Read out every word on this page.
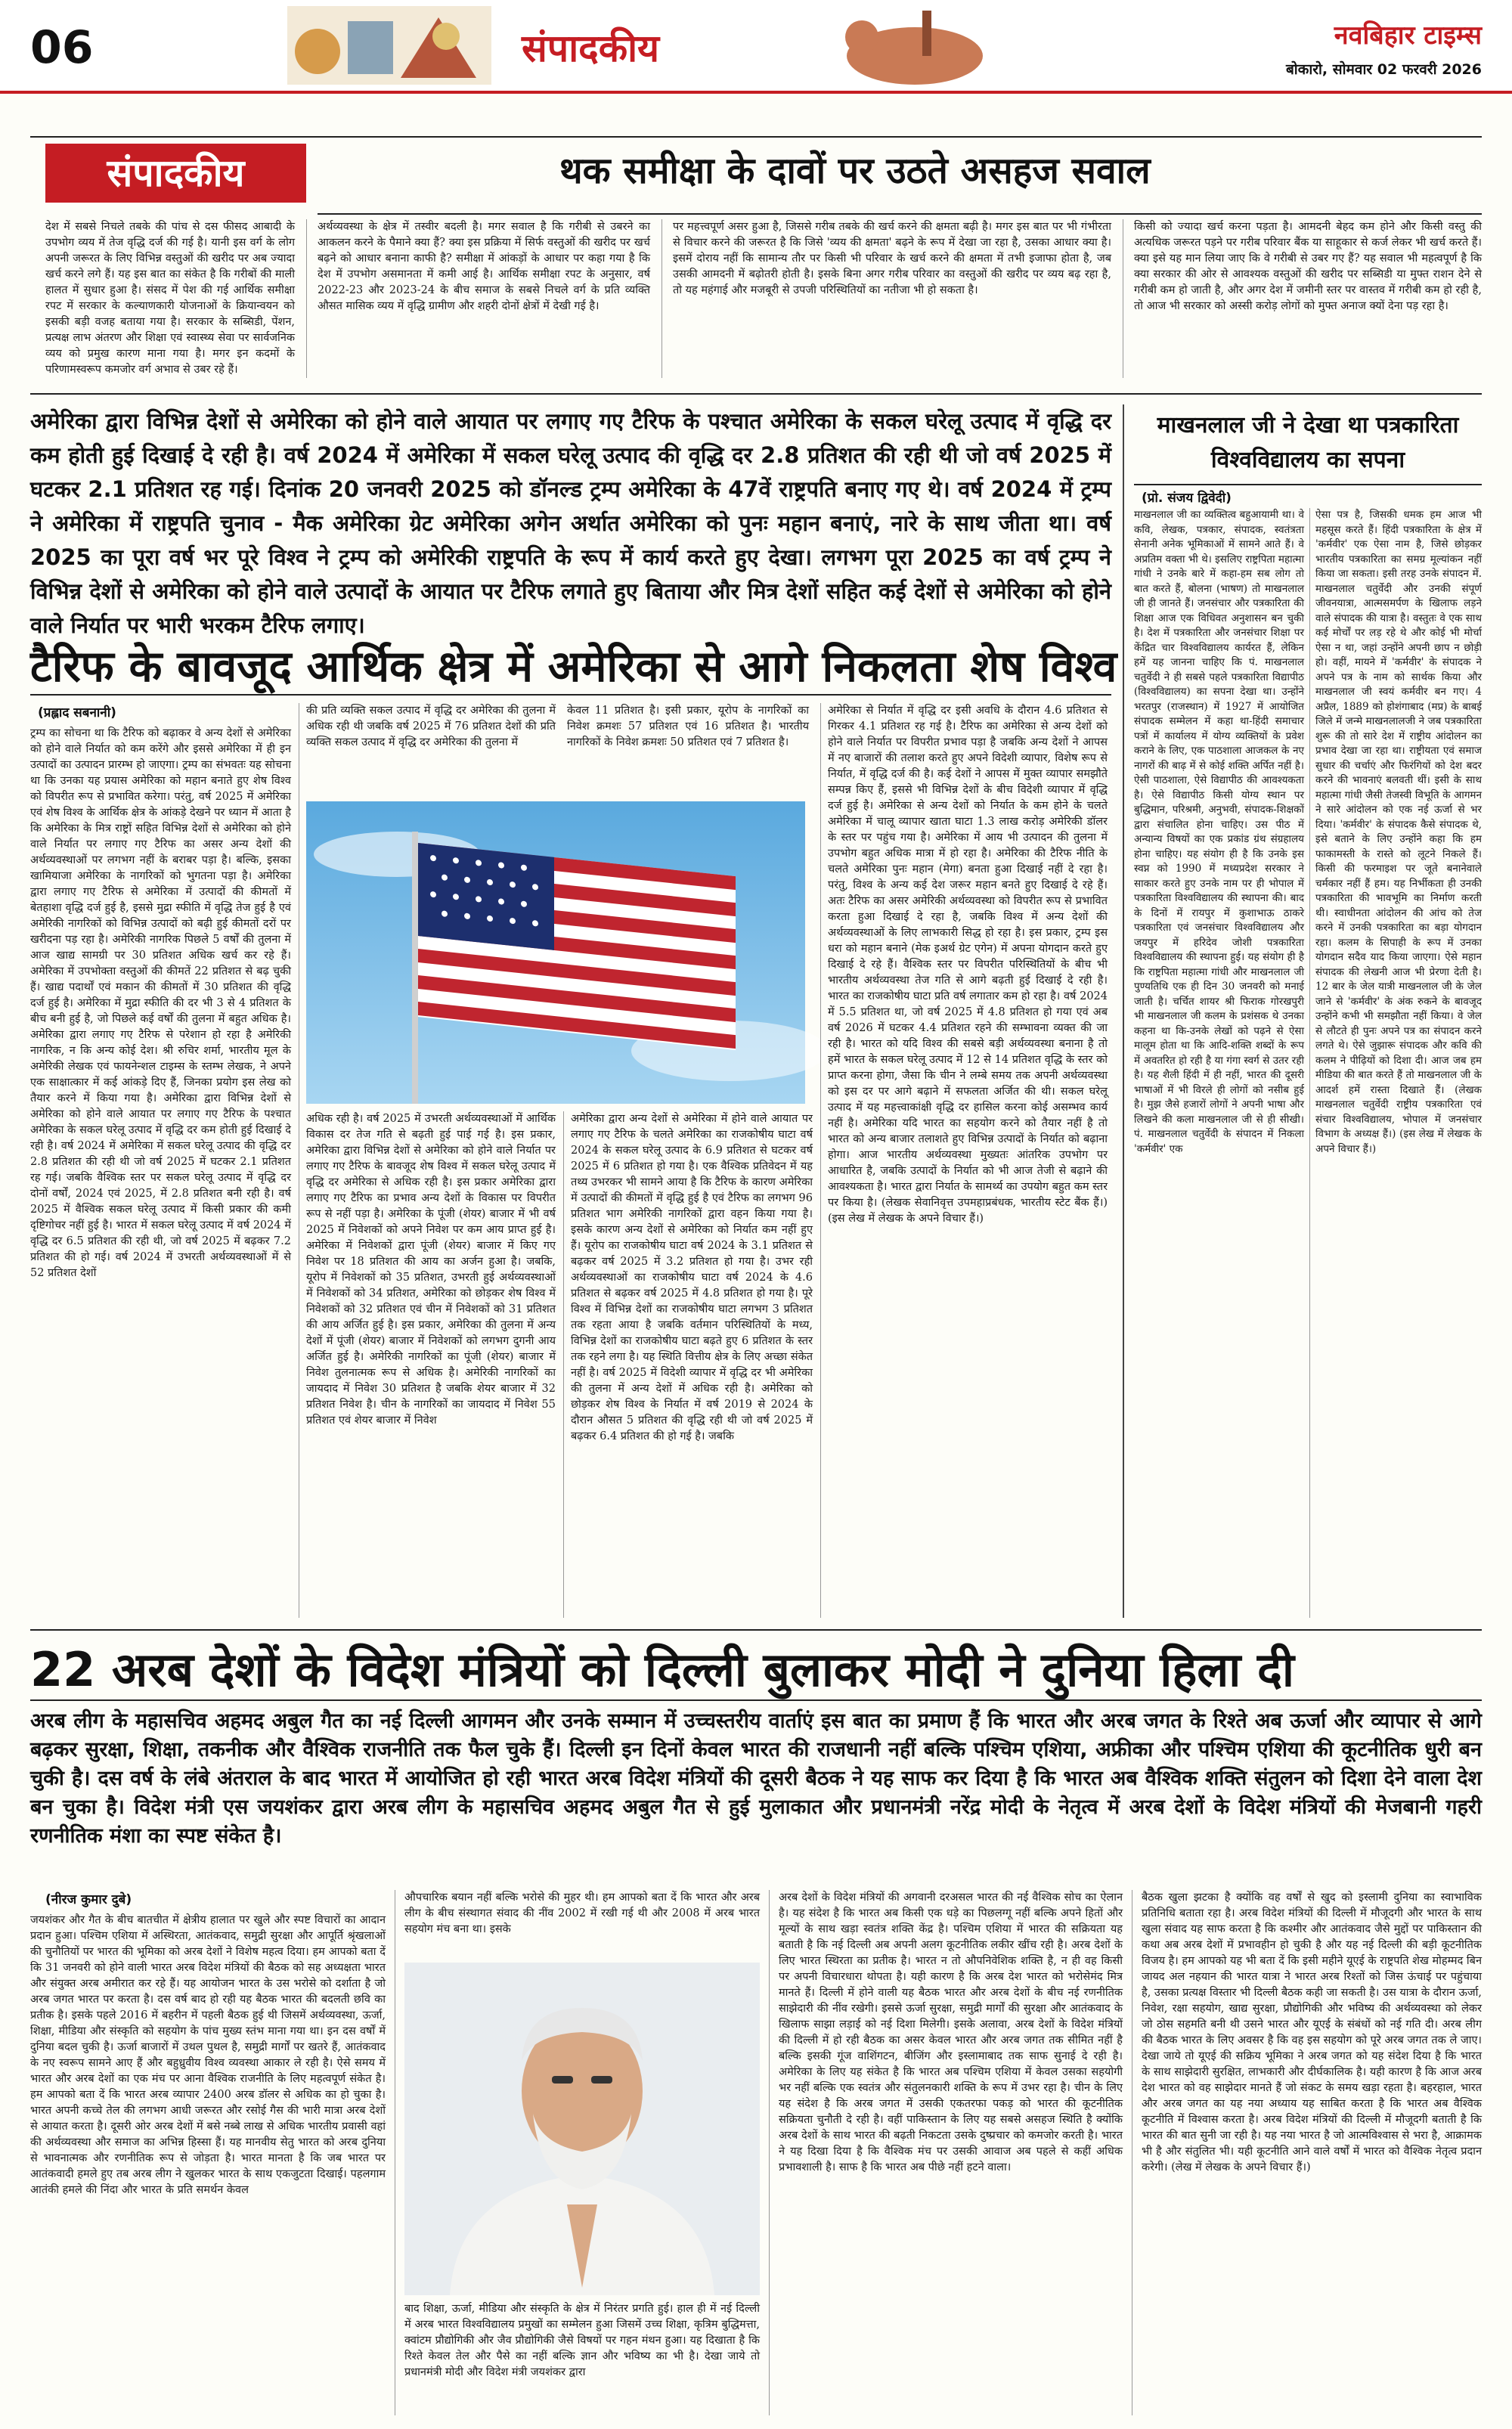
06	संपादकीय	नवबिहार टाइम्स
बोकारो, सोमवार 02 फरवरी 2026
संपादकीय	थक समीक्षा के दावों पर उठते असहज सवाल
देश में सबसे निचले तबके की पांच से दस फीसद आबादी के उपभोग व्यय में तेज वृद्धि दर्ज की गई है। यानी इस वर्ग के लोग अपनी जरूरत के लिए विभिन्न वस्तुओं की खरीद पर अब ज्यादा खर्च करने लगे हैं। यह इस बात का संकेत है कि गरीबों की माली हालत में सुधार हुआ है। संसद में पेश की गई आर्थिक समीक्षा रपट में सरकार के कल्याणकारी योजनाओं के क्रियान्वयन को इसकी बड़ी वजह बताया गया है। सरकार के सब्सिडी, पेंशन, प्रत्यक्ष लाभ अंतरण और शिक्षा एवं स्वास्थ्य सेवा पर सार्वजनिक व्यय को प्रमुख कारण माना गया है। मगर इन कदमों के परिणामस्वरूप कमजोर वर्ग अभाव से उबर रहे हैं।
अर्थव्यवस्था के क्षेत्र में तस्वीर बदली है। मगर सवाल है कि गरीबी से उबरने का आकलन करने के पैमाने क्या हैं? क्या इस प्रक्रिया में सिर्फ वस्तुओं की खरीद पर खर्च बढ़ने को आधार बनाना काफी है? समीक्षा में आंकड़ों के आधार पर कहा गया है कि देश में उपभोग असमानता में कमी आई है। आर्थिक समीक्षा रपट के अनुसार, वर्ष 2022-23 और 2023-24 के बीच समाज के सबसे निचले वर्ग के प्रति व्यक्ति औसत मासिक व्यय में वृद्धि ग्रामीण और शहरी दोनों क्षेत्रों में देखी गई है।
पर महत्त्वपूर्ण असर हुआ है, जिससे गरीब तबके की खर्च करने की क्षमता बढ़ी है। मगर इस बात पर भी गंभीरता से विचार करने की जरूरत है कि जिसे 'व्यय की क्षमता' बढ़ने के रूप में देखा जा रहा है, उसका आधार क्या है। इसमें दोराय नहीं कि सामान्य तौर पर किसी भी परिवार के खर्च करने की क्षमता में तभी इजाफा होता है, जब उसकी आमदनी में बढ़ोतरी होती है। इसके बिना अगर गरीब परिवार का वस्तुओं की खरीद पर व्यय बढ़ रहा है, तो यह महंगाई और मजबूरी से उपजी परिस्थितियों का नतीजा भी हो सकता है।
किसी को ज्यादा खर्च करना पड़ता है। आमदनी बेहद कम होने और किसी वस्तु की अत्यधिक जरूरत पड़ने पर गरीब परिवार बैंक या साहूकार से कर्ज लेकर भी खर्च करते हैं। क्या इसे यह मान लिया जाए कि वे गरीबी से उबर गए हैं? यह सवाल भी महत्वपूर्ण है कि क्या सरकार की ओर से आवश्यक वस्तुओं की खरीद पर सब्सिडी या मुफ्त राशन देने से गरीबी कम हो जाती है, और अगर देश में जमीनी स्तर पर वास्तव में गरीबी कम हो रही है, तो आज भी सरकार को अस्सी करोड़ लोगों को मुफ्त अनाज क्यों देना पड़ रहा है।
अमेरिका द्वारा विभिन्न देशों से अमेरिका को होने वाले आयात पर लगाए गए टैरिफ के पश्चात अमेरिका के सकल घरेलू उत्पाद में वृद्धि दर कम होती हुई दिखाई दे रही है। वर्ष 2024 में अमेरिका में सकल घरेलू उत्पाद की वृद्धि दर 2.8 प्रतिशत की रही थी जो वर्ष 2025 में घटकर 2.1 प्रतिशत रह गई। दिनांक 20 जनवरी 2025 को डॉनल्ड ट्रम्प अमेरिका के 47वें राष्ट्रपति बनाए गए थे। वर्ष 2024 में ट्रम्प ने अमेरिका में राष्ट्रपति चुनाव - मैक अमेरिका ग्रेट अमेरिका अगेन अर्थात अमेरिका को पुनः महान बनाएं, नारे के साथ जीता था। वर्ष 2025 का पूरा वर्ष भर पूरे विश्व ने ट्रम्प को अमेरिकी राष्ट्रपति के रूप में कार्य करते हुए देखा। लगभग पूरा 2025 का वर्ष ट्रम्प ने विभिन्न देशों से अमेरिका को होने वाले उत्पादों के आयात पर टैरिफ लगाते हुए बिताया और मित्र देशों सहित कई देशों से अमेरिका को होने वाले निर्यात पर भारी भरकम टैरिफ लगाए।
टैरिफ के बावजूद आर्थिक क्षेत्र में अमेरिका से आगे निकलता शेष विश्व
(प्रह्लाद सबनानी)
ट्रम्प का सोचना था कि टैरिफ को बढ़ाकर वे अन्य देशों से अमेरिका को होने वाले निर्यात को कम करेंगे और इससे अमेरिका में ही इन उत्पादों का उत्पादन प्रारम्भ हो जाएगा। ट्रम्प का संभवतः यह सोचना था कि उनका यह प्रयास अमेरिका को महान बनाते हुए शेष विश्व को विपरीत रूप से प्रभावित करेगा। परंतु, वर्ष 2025 में अमेरिका एवं शेष विश्व के आर्थिक क्षेत्र के आंकड़े देखने पर ध्यान में आता है कि अमेरिका के मित्र राष्ट्रों सहित विभिन्न देशों से अमेरिका को होने वाले निर्यात पर लगाए गए टैरिफ का असर अन्य देशों की अर्थव्यवस्थाओं पर लगभग नहीं के बराबर पड़ा है। बल्कि, इसका खामियाजा अमेरिका के नागरिकों को भुगतना पड़ा है। अमेरिका द्वारा लगाए गए टैरिफ से अमेरिका में उत्पादों की कीमतों में बेतहाशा वृद्धि दर्ज हुई है, इससे मुद्रा स्फीति में वृद्धि तेज हुई है एवं अमेरिकी नागरिकों को विभिन्न उत्पादों को बढ़ी हुई कीमतों दरों पर खरीदना पड़ रहा है। अमेरिकी नागरिक पिछले 5 वर्षों की तुलना में आज खाद्य सामग्री पर 30 प्रतिशत अधिक खर्च कर रहे हैं। अमेरिका में उपभोक्ता वस्तुओं की कीमतें 22 प्रतिशत से बढ़ चुकी हैं। खाद्य पदार्थों एवं मकान की कीमतों में 30 प्रतिशत की वृद्धि दर्ज हुई है। अमेरिका में मुद्रा स्फीति की दर भी 3 से 4 प्रतिशत के बीच बनी हुई है, जो पिछले कई वर्षों की तुलना में बहुत अधिक है। अमेरिका द्वारा लगाए गए टैरिफ से परेशान हो रहा है अमेरिकी नागरिक, न कि अन्य कोई देश। श्री रुचिर शर्मा, भारतीय मूल के अमेरिकी लेखक एवं फायनेन्शल टाइम्स के स्तम्भ लेखक, ने अपने एक साक्षात्कार में कई आंकड़े दिए हैं, जिनका प्रयोग इस लेख को तैयार करने में किया गया है। अमेरिका द्वारा विभिन्न देशों से अमेरिका को होने वाले आयात पर लगाए गए टैरिफ के पश्चात अमेरिका के सकल घरेलू उत्पाद में वृद्धि दर कम होती हुई दिखाई दे रही है। वर्ष 2024 में अमेरिका में सकल घरेलू उत्पाद की वृद्धि दर 2.8 प्रतिशत की रही थी जो वर्ष 2025 में घटकर 2.1 प्रतिशत रह गई। जबकि वैश्विक स्तर पर सकल घरेलू उत्पाद में वृद्धि दर दोनों वर्षों, 2024 एवं 2025, में 2.8 प्रतिशत बनी रही है। वर्ष 2025 में वैश्विक सकल घरेलू उत्पाद में किसी प्रकार की कमी दृष्टिगोचर नहीं हुई है। भारत में सकल घरेलू उत्पाद में वर्ष 2024 में वृद्धि दर 6.5 प्रतिशत की रही थी, जो वर्ष 2025 में बढ़कर 7.2 प्रतिशत की हो गई। वर्ष 2024 में उभरती अर्थव्यवस्थाओं में से 52 प्रतिशत देशों
की प्रति व्यक्ति सकल उत्पाद में वृद्धि दर अमेरिका की तुलना में अधिक रही थी जबकि वर्ष 2025 में 76 प्रतिशत देशों की प्रति व्यक्ति सकल उत्पाद में वृद्धि दर अमेरिका की तुलना में
केवल 11 प्रतिशत है। इसी प्रकार, यूरोप के नागरिकों का निवेश क्रमशः 57 प्रतिशत एवं 16 प्रतिशत है। भारतीय नागरिकों के निवेश क्रमशः 50 प्रतिशत एवं 7 प्रतिशत है।
अधिक रही है। वर्ष 2025 में उभरती अर्थव्यवस्थाओं में आर्थिक विकास दर तेज गति से बढ़ती हुई पाई गई है। इस प्रकार, अमेरिका द्वारा विभिन्न देशों से अमेरिका को होने वाले निर्यात पर लगाए गए टैरिफ के बावजूद शेष विश्व में सकल घरेलू उत्पाद में वृद्धि दर अमेरिका से अधिक रही है। इस प्रकार अमेरिका द्वारा लगाए गए टैरिफ का प्रभाव अन्य देशों के विकास पर विपरीत रूप से नहीं पड़ा है। अमेरिका के पूंजी (शेयर) बाजार में भी वर्ष 2025 में निवेशकों को अपने निवेश पर कम आय प्राप्त हुई है। अमेरिका में निवेशकों द्वारा पूंजी (शेयर) बाजार में किए गए निवेश पर 18 प्रतिशत की आय का अर्जन हुआ है। जबकि, यूरोप में निवेशकों को 35 प्रतिशत, उभरती हुई अर्थव्यवस्थाओं में निवेशकों को 34 प्रतिशत, अमेरिका को छोड़कर शेष विश्व में निवेशकों को 32 प्रतिशत एवं चीन में निवेशकों को 31 प्रतिशत की आय अर्जित हुई है। इस प्रकार, अमेरिका की तुलना में अन्य देशों में पूंजी (शेयर) बाजार में निवेशकों को लगभग दुगनी आय अर्जित हुई है। अमेरिकी नागरिकों का पूंजी (शेयर) बाजार में निवेश तुलनात्मक रूप से अधिक है। अमेरिकी नागरिकों का जायदाद में निवेश 30 प्रतिशत है जबकि शेयर बाजार में 32 प्रतिशत निवेश है। चीन के नागरिकों का जायदाद में निवेश 55 प्रतिशत एवं शेयर बाजार में निवेश
अमेरिका द्वारा अन्य देशों से अमेरिका में होने वाले आयात पर लगाए गए टैरिफ के चलते अमेरिका का राजकोषीय घाटा वर्ष 2024 के सकल घरेलू उत्पाद के 6.9 प्रतिशत से घटकर वर्ष 2025 में 6 प्रतिशत हो गया है। एक वैश्विक प्रतिवेदन में यह तथ्य उभरकर भी सामने आया है कि टैरिफ के कारण अमेरिका में उत्पादों की कीमतों में वृद्धि हुई है एवं टैरिफ का लगभग 96 प्रतिशत भाग अमेरिकी नागरिकों द्वारा वहन किया गया है। इसके कारण अन्य देशों से अमेरिका को निर्यात कम नहीं हुए हैं। यूरोप का राजकोषीय घाटा वर्ष 2024 के 3.1 प्रतिशत से बढ़कर वर्ष 2025 में 3.2 प्रतिशत हो गया है। उभर रही अर्थव्यवस्थाओं का राजकोषीय घाटा वर्ष 2024 के 4.6 प्रतिशत से बढ़कर वर्ष 2025 में 4.8 प्रतिशत हो गया है। पूरे विश्व में विभिन्न देशों का राजकोषीय घाटा लगभग 3 प्रतिशत तक रहता आया है जबकि वर्तमान परिस्थितियों के मध्य, विभिन्न देशों का राजकोषीय घाटा बढ़ते हुए 6 प्रतिशत के स्तर तक रहने लगा है। यह स्थिति वित्तीय क्षेत्र के लिए अच्छा संकेत नहीं है। वर्ष 2025 में विदेशी व्यापार में वृद्धि दर भी अमेरिका की तुलना में अन्य देशों में अधिक रही है। अमेरिका को छोड़कर शेष विश्व के निर्यात में वर्ष 2019 से 2024 के दौरान औसत 5 प्रतिशत की वृद्धि रही थी जो वर्ष 2025 में बढ़कर 6.4 प्रतिशत की हो गई है। जबकि
अमेरिका से निर्यात में वृद्धि दर इसी अवधि के दौरान 4.6 प्रतिशत से गिरकर 4.1 प्रतिशत रह गई है। टैरिफ का अमेरिका से अन्य देशों को होने वाले निर्यात पर विपरीत प्रभाव पड़ा है जबकि अन्य देशों ने आपस में नए बाजारों की तलाश करते हुए अपने विदेशी व्यापार, विशेष रूप से निर्यात, में वृद्धि दर्ज की है। कई देशों ने आपस में मुक्त व्यापार समझौते सम्पन्न किए हैं, इससे भी विभिन्न देशों के बीच विदेशी व्यापार में वृद्धि दर्ज हुई है। अमेरिका से अन्य देशों को निर्यात के कम होने के चलते अमेरिका में चालू व्यापार खाता घाटा 1.3 लाख करोड़ अमेरिकी डॉलर के स्तर पर पहुंच गया है। अमेरिका में आय भी उत्पादन की तुलना में उपभोग बहुत अधिक मात्रा में हो रहा है। अमेरिका की टैरिफ नीति के चलते अमेरिका पुनः महान (मेगा) बनता हुआ दिखाई नहीं दे रहा है। परंतु, विश्व के अन्य कई देश जरूर महान बनते हुए दिखाई दे रहे हैं। अतः टैरिफ का असर अमेरिकी अर्थव्यवस्था को विपरीत रूप से प्रभावित करता हुआ दिखाई दे रहा है, जबकि विश्व में अन्य देशों की अर्थव्यवस्थाओं के लिए लाभकारी सिद्ध हो रहा है। इस प्रकार, ट्रम्प इस धरा को महान बनाने (मेक इअर्थ ग्रेट एगेन) में अपना योगदान करते हुए दिखाई दे रहे हैं। वैश्विक स्तर पर विपरीत परिस्थितियों के बीच भी भारतीय अर्थव्यवस्था तेज गति से आगे बढ़ती हुई दिखाई दे रही है। भारत का राजकोषीय घाटा प्रति वर्ष लगातार कम हो रहा है। वर्ष 2024 में 5.5 प्रतिशत था, जो वर्ष 2025 में 4.8 प्रतिशत हो गया एवं अब वर्ष 2026 में घटकर 4.4 प्रतिशत रहने की सम्भावना व्यक्त की जा रही है। भारत को यदि विश्व की सबसे बड़ी अर्थव्यवस्था बनाना है तो हमें भारत के सकल घरेलू उत्पाद में 12 से 14 प्रतिशत वृद्धि के स्तर को प्राप्त करना होगा, जैसा कि चीन ने लम्बे समय तक अपनी अर्थव्यवस्था को इस दर पर आगे बढ़ाने में सफलता अर्जित की थी। सकल घरेलू उत्पाद में यह महत्त्वाकांक्षी वृद्धि दर हासिल करना कोई असम्भव कार्य नहीं है। अमेरिका यदि भारत का सहयोग करने को तैयार नहीं है तो भारत को अन्य बाजार तलाशते हुए विभिन्न उत्पादों के निर्यात को बढ़ाना होगा। आज भारतीय अर्थव्यवस्था मुख्यतः आंतरिक उपभोग पर आधारित है, जबकि उत्पादों के निर्यात को भी आज तेजी से बढ़ाने की आवश्यकता है। भारत द्वारा निर्यात के सामर्थ्य का उपयोग बहुत कम स्तर पर किया है। (लेखक सेवानिवृत्त उपमहाप्रबंधक, भारतीय स्टेट बैंक हैं।) (इस लेख में लेखक के अपने विचार हैं।)
माखनलाल जी ने देखा था पत्रकारिता विश्वविद्यालय का सपना
(प्रो. संजय द्विवेदी)
माखनलाल जी का व्यक्तित्व बहुआयामी था। वे कवि, लेखक, पत्रकार, संपादक, स्वतंत्रता सेनानी अनेक भूमिकाओं में सामने आते हैं। वे अप्रतिम वक्ता भी थे। इसलिए राष्ट्रपिता महात्मा गांधी ने उनके बारे में कहा-हम सब लोग तो बात करते हैं, बोलना (भाषण) तो माखनलाल जी ही जानते हैं। जनसंचार और पत्रकारिता की शिक्षा आज एक विधिवत अनुशासन बन चुकी है। देश में पत्रकारिता और जनसंचार शिक्षा पर केंद्रित चार विश्वविद्यालय कार्यरत हैं, लेकिन हमें यह जानना चाहिए कि पं. माखनलाल चतुर्वेदी ने ही सबसे पहले पत्रकारिता विद्यापीठ (विश्वविद्यालय) का सपना देखा था। उन्होंने भरतपुर (राजस्थान) में 1927 में आयोजित संपादक सम्मेलन में कहा था-हिंदी समाचार पत्रों में कार्यालय में योग्य व्यक्तियों के प्रवेश कराने के लिए, एक पाठशाला आजकल के नए नागरों की बाढ़ में से कोई शक्ति अर्पित नहीं है। ऐसी पाठशाला, ऐसे विद्यापीठ की आवश्यकता है। ऐसे विद्यापीठ किसी योग्य स्थान पर बुद्धिमान, परिश्रमी, अनुभवी, संपादक-शिक्षकों द्वारा संचालित होना चाहिए। उस पीठ में अन्यान्य विषयों का एक प्रकांड ग्रंथ संग्रहालय होना चाहिए। यह संयोग ही है कि उनके इस स्वप्न को 1990 में मध्यप्रदेश सरकार ने साकार करते हुए उनके नाम पर ही भोपाल में पत्रकारिता विश्वविद्यालय की स्थापना की। बाद के दिनों में रायपुर में कुशाभाऊ ठाकरे पत्रकारिता एवं जनसंचार विश्वविद्यालय और जयपुर में हरिदेव जोशी पत्रकारिता विश्वविद्यालय की स्थापना हुई। यह संयोग ही है कि राष्ट्रपिता महात्मा गांधी और माखनलाल जी पुण्यतिथि एक ही दिन 30 जनवरी को मनाई जाती है। चर्चित शायर श्री फिराक गोरखपुरी भी माखनलाल जी कलम के प्रशंसक थे उनका कहना था कि-उनके लेखों को पढ़ने से ऐसा मालूम होता था कि आदि-शक्ति शब्दों के रूप में अवतरित हो रही है या गंगा स्वर्ग से उतर रही है। यह शैली हिंदी में ही नहीं, भारत की दूसरी भाषाओं में भी विरले ही लोगों को नसीब हुई है। मुझ जैसे हजारों लोगों ने अपनी भाषा और लिखने की कला माखनलाल जी से ही सीखी। पं. माखनलाल चतुर्वेदी के संपादन में निकला 'कर्मवीर' एक
ऐसा पत्र है, जिसकी धमक हम आज भी महसूस करते हैं। हिंदी पत्रकारिता के क्षेत्र में 'कर्मवीर' एक ऐसा नाम है, जिसे छोड़कर भारतीय पत्रकारिता का समग्र मूल्यांकन नहीं किया जा सकता। इसी तरह उनके संपादन में. माखनलाल चतुर्वेदी और उनकी संपूर्ण जीवनयात्रा, आत्मसमर्पण के खिलाफ लड़ने वाले संपादक की यात्रा है। वस्तुतः वे एक साथ कई मोर्चों पर लड़ रहे थे और कोई भी मोर्चा ऐसा न था, जहां उन्होंने अपनी छाप न छोड़ी हो। वहीं, मायने में 'कर्मवीर' के संपादक ने अपने पत्र के नाम को सार्थक किया और माखनलाल जी स्वयं कर्मवीर बन गए। 4 अप्रैल, 1889 को होशंगाबाद (मप्र) के बाबई जिले में जन्मे माखनलालजी ने जब पत्रकारिता शुरू की तो सारे देश में राष्ट्रीय आंदोलन का प्रभाव देखा जा रहा था। राष्ट्रीयता एवं समाज सुधार की चर्चाएं और फिरंगियों को देश बदर करने की भावनाएं बलवती थीं। इसी के साथ महात्मा गांधी जैसी तेजस्वी विभूति के आगमन ने सारे आंदोलन को एक नई ऊर्जा से भर दिया। 'कर्मवीर' के संपादक कैसे संपादक थे, इसे बताने के लिए उन्होंने कहा कि हम फाकामस्ती के रास्ते को लूटने निकले हैं। किसी की फरमाइश पर जूते बनानेवाले चर्मकार नहीं हैं हम। यह निर्भीकता ही उनकी पत्रकारिता की भावभूमि का निर्माण करती थी। स्वाधीनता आंदोलन की आंच को तेज करने में उनकी पत्रकारिता का बड़ा योगदान रहा। कलम के सिपाही के रूप में उनका योगदान सदैव याद किया जाएगा। ऐसे महान संपादक की लेखनी आज भी प्रेरणा देती है। 12 बार के जेल यात्री माखनलाल जी के जेल जाने से 'कर्मवीर' के अंक रुकने के बावजूद उन्होंने कभी भी समझौता नहीं किया। वे जेल से लौटते ही पुनः अपने पत्र का संपादन करने लगते थे। ऐसे जुझारू संपादक और कवि की कलम ने पीढ़ियों को दिशा दी। आज जब हम मीडिया की बात करते हैं तो माखनलाल जी के आदर्श हमें रास्ता दिखाते हैं। (लेखक माखनलाल चतुर्वेदी राष्ट्रीय पत्रकारिता एवं संचार विश्वविद्यालय, भोपाल में जनसंचार विभाग के अध्यक्ष हैं।) (इस लेख में लेखक के अपने विचार हैं।)
22 अरब देशों के विदेश मंत्रियों को दिल्ली बुलाकर मोदी ने दुनिया हिला दी
अरब लीग के महासचिव अहमद अबुल गैत का नई दिल्ली आगमन और उनके सम्मान में उच्चस्तरीय वार्ताएं इस बात का प्रमाण हैं कि भारत और अरब जगत के रिश्ते अब ऊर्जा और व्यापार से आगे बढ़कर सुरक्षा, शिक्षा, तकनीक और वैश्विक राजनीति तक फैल चुके हैं। दिल्ली इन दिनों केवल भारत की राजधानी नहीं बल्कि पश्चिम एशिया, अफ्रीका और पश्चिम एशिया की कूटनीतिक धुरी बन चुकी है। दस वर्ष के लंबे अंतराल के बाद भारत में आयोजित हो रही भारत अरब विदेश मंत्रियों की दूसरी बैठक ने यह साफ कर दिया है कि भारत अब वैश्विक शक्ति संतुलन को दिशा देने वाला देश बन चुका है। विदेश मंत्री एस जयशंकर द्वारा अरब लीग के महासचिव अहमद अबुल गैत से हुई मुलाकात और प्रधानमंत्री नरेंद्र मोदी के नेतृत्व में अरब देशों के विदेश मंत्रियों की मेजबानी गहरी रणनीतिक मंशा का स्पष्ट संकेत है।
(नीरज कुमार दुबे)
जयशंकर और गैत के बीच बातचीत में क्षेत्रीय हालात पर खुले और स्पष्ट विचारों का आदान प्रदान हुआ। पश्चिम एशिया में अस्थिरता, आतंकवाद, समुद्री सुरक्षा और आपूर्ति श्रृंखलाओं की चुनौतियों पर भारत की भूमिका को अरब देशों ने विशेष महत्व दिया। हम आपको बता दें कि 31 जनवरी को होने वाली भारत अरब विदेश मंत्रियों की बैठक को सह अध्यक्षता भारत और संयुक्त अरब अमीरात कर रहे हैं। यह आयोजन भारत के उस भरोसे को दर्शाता है जो अरब जगत भारत पर करता है। दस वर्ष बाद हो रही यह बैठक भारत की बदलती छवि का प्रतीक है। इसके पहले 2016 में बहरीन में पहली बैठक हुई थी जिसमें अर्थव्यवस्था, ऊर्जा, शिक्षा, मीडिया और संस्कृति को सहयोग के पांच मुख्य स्तंभ माना गया था। इन दस वर्षों में दुनिया बदल चुकी है। ऊर्जा बाजारों में उथल पुथल है, समुद्री मार्गों पर खतरे हैं, आतंकवाद के नए स्वरूप सामने आए हैं और बहुध्रुवीय विश्व व्यवस्था आकार ले रही है। ऐसे समय में भारत और अरब देशों का एक मंच पर आना वैश्विक राजनीति के लिए महत्वपूर्ण संकेत है। हम आपको बता दें कि भारत अरब व्यापार 2400 अरब डॉलर से अधिक का हो चुका है। भारत अपनी कच्चे तेल की लगभग आधी जरूरत और रसोई गैस की भारी मात्रा अरब देशों से आयात करता है। दूसरी ओर अरब देशों में बसे नब्बे लाख से अधिक भारतीय प्रवासी वहां की अर्थव्यवस्था और समाज का अभिन्न हिस्सा हैं। यह मानवीय सेतु भारत को अरब दुनिया से भावनात्मक और रणनीतिक रूप से जोड़ता है। भारत मानता है कि जब भारत पर आतंकवादी हमले हुए तब अरब लीग ने खुलकर भारत के साथ एकजुटता दिखाई। पहलगाम आतंकी हमले की निंदा और भारत के प्रति समर्थन केवल
औपचारिक बयान नहीं बल्कि भरोसे की मुहर थी। हम आपको बता दें कि भारत और अरब लीग के बीच संस्थागत संवाद की नींव 2002 में रखी गई थी और 2008 में अरब भारत सहयोग मंच बना था। इसके
बाद शिक्षा, ऊर्जा, मीडिया और संस्कृति के क्षेत्र में निरंतर प्रगति हुई। हाल ही में नई दिल्ली में अरब भारत विश्वविद्यालय प्रमुखों का सम्मेलन हुआ जिसमें उच्च शिक्षा, कृत्रिम बुद्धिमत्ता, क्वांटम प्रौद्योगिकी और जैव प्रौद्योगिकी जैसे विषयों पर गहन मंथन हुआ। यह दिखाता है कि रिश्ते केवल तेल और पैसे का नहीं बल्कि ज्ञान और भविष्य का भी है। देखा जाये तो प्रधानमंत्री मोदी और विदेश मंत्री जयशंकर द्वारा
अरब देशों के विदेश मंत्रियों की अगवानी दरअसल भारत की नई वैश्विक सोच का ऐलान है। यह संदेश है कि भारत अब किसी एक धड़े का पिछलग्गू नहीं बल्कि अपने हितों और मूल्यों के साथ खड़ा स्वतंत्र शक्ति केंद्र है। पश्चिम एशिया में भारत की सक्रियता यह बताती है कि नई दिल्ली अब अपनी अलग कूटनीतिक लकीर खींच रही है। अरब देशों के लिए भारत स्थिरता का प्रतीक है। भारत न तो औपनिवेशिक शक्ति है, न ही वह किसी पर अपनी विचारधारा थोपता है। यही कारण है कि अरब देश भारत को भरोसेमंद मित्र मानते हैं। दिल्ली में होने वाली यह बैठक भारत और अरब देशों के बीच नई रणनीतिक साझेदारी की नींव रखेगी। इससे ऊर्जा सुरक्षा, समुद्री मार्गों की सुरक्षा और आतंकवाद के खिलाफ साझा लड़ाई को नई दिशा मिलेगी। इसके अलावा, अरब देशों के विदेश मंत्रियों की दिल्ली में हो रही बैठक का असर केवल भारत और अरब जगत तक सीमित नहीं है बल्कि इसकी गूंज वाशिंगटन, बीजिंग और इस्लामाबाद तक साफ सुनाई दे रही है। अमेरिका के लिए यह संकेत है कि भारत अब पश्चिम एशिया में केवल उसका सहयोगी भर नहीं बल्कि एक स्वतंत्र और संतुलनकारी शक्ति के रूप में उभर रहा है। चीन के लिए यह संदेश है कि अरब जगत में उसकी एकतरफा पकड़ को भारत की कूटनीतिक सक्रियता चुनौती दे रही है। वहीं पाकिस्तान के लिए यह सबसे असहज स्थिति है क्योंकि अरब देशों के साथ भारत की बढ़ती निकटता उसके दुष्प्रचार को कमजोर करती है। भारत ने यह दिखा दिया है कि वैश्विक मंच पर उसकी आवाज अब पहले से कहीं अधिक प्रभावशाली है। साफ है कि भारत अब पीछे नहीं हटने वाला।
बैठक खुला झटका है क्योंकि वह वर्षों से खुद को इस्लामी दुनिया का स्वाभाविक प्रतिनिधि बताता रहा है। अरब विदेश मंत्रियों की दिल्ली में मौजूदगी और भारत के साथ खुला संवाद यह साफ करता है कि कश्मीर और आतंकवाद जैसे मुद्दों पर पाकिस्तान की कथा अब अरब देशों में प्रभावहीन हो चुकी है और यह नई दिल्ली की बड़ी कूटनीतिक विजय है। हम आपको यह भी बता दें कि इसी महीने यूएई के राष्ट्रपति शेख मोहम्मद बिन जायद अल नहयान की भारत यात्रा ने भारत अरब रिश्तों को जिस ऊंचाई पर पहुंचाया है, उसका प्रत्यक्ष विस्तार भी दिल्ली बैठक कही जा सकती है। उस यात्रा के दौरान ऊर्जा, निवेश, रक्षा सहयोग, खाद्य सुरक्षा, प्रौद्योगिकी और भविष्य की अर्थव्यवस्था को लेकर जो ठोस सहमति बनी थी उसने भारत और यूएई के संबंधों को नई गति दी। अरब लीग की बैठक भारत के लिए अवसर है कि वह इस सहयोग को पूरे अरब जगत तक ले जाए। देखा जाये तो यूएई की सक्रिय भूमिका ने अरब जगत को यह संदेश दिया है कि भारत के साथ साझेदारी सुरक्षित, लाभकारी और दीर्घकालिक है। यही कारण है कि आज अरब देश भारत को वह साझेदार मानते हैं जो संकट के समय खड़ा रहता है। बहरहाल, भारत और अरब जगत का यह नया अध्याय यह साबित करता है कि भारत अब वैश्विक कूटनीति में विश्वास करता है। अरब विदेश मंत्रियों की दिल्ली में मौजूदगी बताती है कि भारत की बात सुनी जा रही है। यह नया भारत है जो आत्मविश्वास से भरा है, आक्रामक भी है और संतुलित भी। यही कूटनीति आने वाले वर्षों में भारत को वैश्विक नेतृत्व प्रदान करेगी। (लेख में लेखक के अपने विचार हैं।)
